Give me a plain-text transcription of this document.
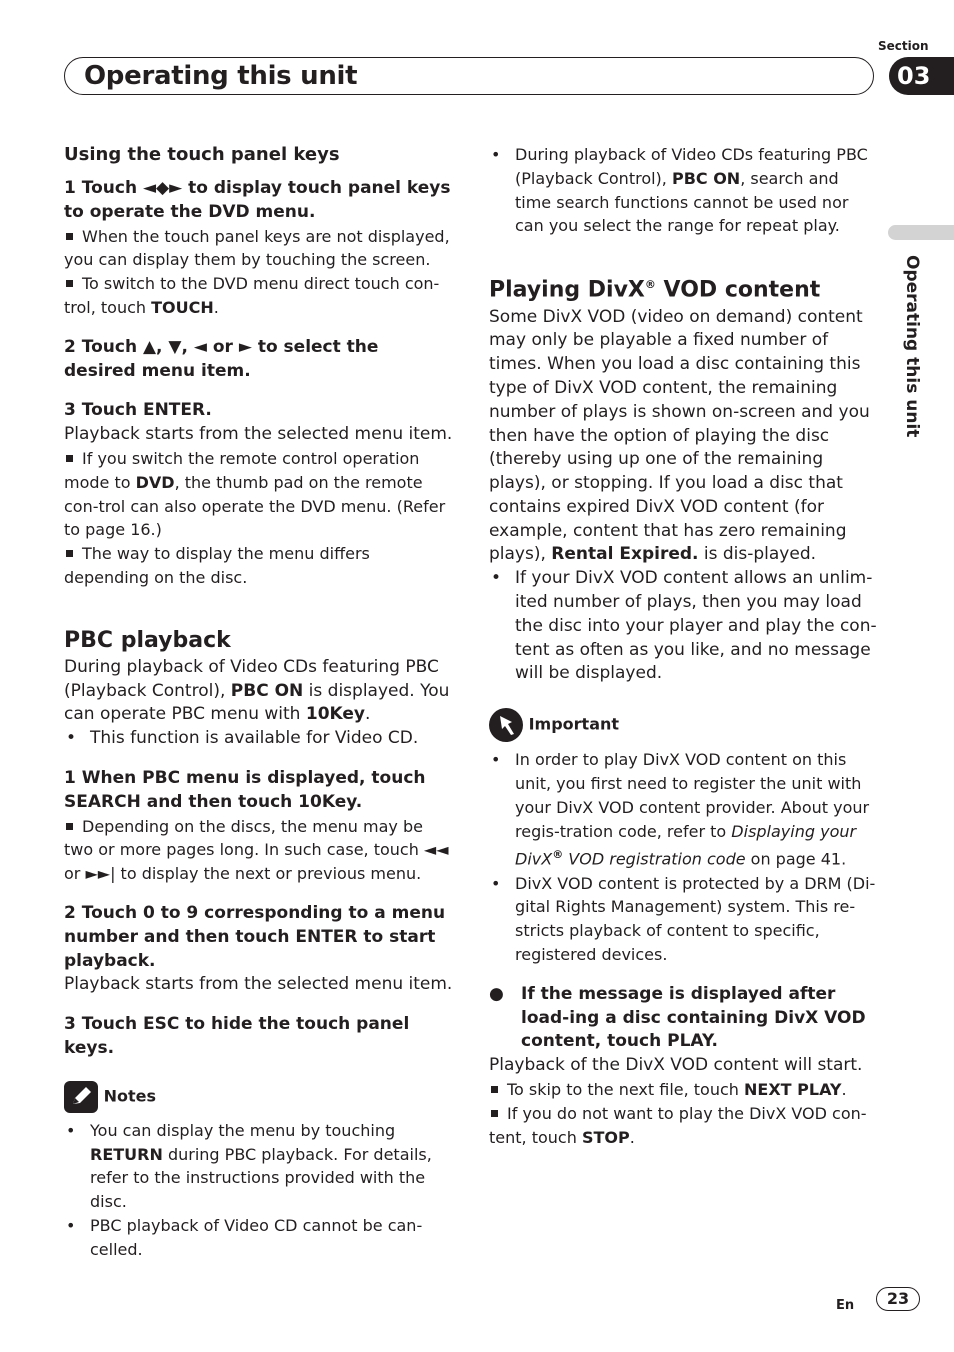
Operating this unit
Section
03
Operating this unit

Using the touch panel keys

1 Touch ◄◆► to display touch panel keys to operate the DVD menu.

When the touch panel keys are not displayed, you can display them by touching the screen.

To switch to the DVD menu direct touch con-trol, touch TOUCH.

2 Touch ▲, ▼, ◄ or ► to select the desired menu item.

3 Touch ENTER.

Playback starts from the selected menu item.

If you switch the remote control operation mode to DVD, the thumb pad on the remote con-trol can also operate the DVD menu. (Refer to page 16.)

The way to display the menu differs depending on the disc.

PBC playback

During playback of Video CDs featuring PBC (Playback Control), PBC ON is displayed. You can operate PBC menu with 10Key.

• This function is available for Video CD.

1 When PBC menu is displayed, touch SEARCH and then touch 10Key.

Depending on the discs, the menu may be two or more pages long. In such case, touch ◄◄ or ►►| to display the next or previous menu.

2 Touch 0 to 9 corresponding to a menu number and then touch ENTER to start playback.

Playback starts from the selected menu item.

3 Touch ESC to hide the touch panel keys.

Notes

• You can display the menu by touching RETURN during PBC playback. For details, refer to the instructions provided with the disc.

• PBC playback of Video CD cannot be can-celled.

• During playback of Video CDs featuring PBC (Playback Control), PBC ON, search and time search functions cannot be used nor can you select the range for repeat play.

Playing DivX® VOD content

Some DivX VOD (video on demand) content may only be playable a fixed number of times. When you load a disc containing this type of DivX VOD content, the remaining number of plays is shown on-screen and you then have the option of playing the disc (thereby using up one of the remaining plays), or stopping. If you load a disc that contains expired DivX VOD content (for example, content that has zero remaining plays), Rental Expired. is dis-played.

• If your DivX VOD content allows an unlim-ited number of plays, then you may load the disc into your player and play the con-tent as often as you like, and no message will be displayed.

Important

• In order to play DivX VOD content on this unit, you first need to register the unit with your DivX VOD content provider. About your regis-tration code, refer to Displaying your DivX® VOD registration code on page 41.

• DivX VOD content is protected by a DRM (Di-gital Rights Management) system. This re-stricts playback of content to specific, registered devices.

● If the message is displayed after load-ing a disc containing DivX VOD content, touch PLAY.

Playback of the DivX VOD content will start.

To skip to the next file, touch NEXT PLAY.

If you do not want to play the DivX VOD con-tent, touch STOP.

En	23
